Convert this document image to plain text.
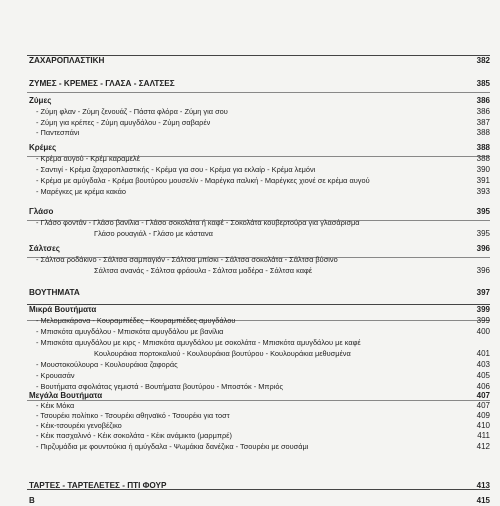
ΖΑΧΑΡΟΠΛΑΣΤΙΚΗ	382
ΖΥΜΕΣ - ΚΡΕΜΕΣ - ΓΛΑΣΑ - ΣΑΛΤΣΕΣ	385
Ζύμες	386
- Ζύμη φλαν - Ζύμη ζενουάζ - Πάστα φλόρα - Ζύμη για σου	386
- Ζύμη για κρέπες - Ζύμη αμυγδάλου - Ζύμη σαβαρέν	387
- Παντεσπάνι	388
Κρέμες	388
- Κρέμα αυγού - Κρέμ καραμελέ	388
- Σαντιγί - Κρέμα ζαχαροπλαστικής - Κρέμα για σου - Κρέμα για εκλαίρ - Κρέμα λεμόνι	390
- Κρέμα με αμύγδαλα - Κρέμα βουτύρου μουσελίν - Μαρέγκα ιταλική - Μαρέγκες χιονέ σε κρέμα αυγού	391
- Μαρέγκες με κρέμα κακάο	393
Γλάσο	395
- Γλάσο φοντάν - Γλάσο βανίλια - Γλάσο σοκολάτα ή καφέ - Σοκολάτα κουβερτούρα για γλασάρισμα
Γλάσο ρουαγιάλ - Γλάσο με κάστανα	395
Σάλτσες	396
- Σάλτσα ροδάκινο - Σάλτσα σαμπαγιόν - Σάλτσα μπίσκι - Σάλτσα σοκολάτα - Σάλτσα βύσινο
Σάλτσα ανανάς - Σάλτσα φράουλα - Σάλτσα μαδέρα - Σάλτσα καφέ	396
ΒΟΥΤΗΜΑΤΑ	397
Μικρά Βουτήματα	399
- Μελομακάρονα - Κουραμπιέδες - Κουραμπιέδες αμυγδάλου	399
- Μπισκότα αμυγδάλου - Μπισκότα αμυγδάλου με βανίλια	400
- Μπισκότα αμυγδάλου με κιρς - Μπισκότα αμυγδάλου με σοκολάτα - Μπισκότα αμυγδάλου με καφέ
Κουλουράκια πορτοκαλιού - Κουλουράκια βουτύρου - Κουλουράκια μεθυσμένα	401
- Μουστοκούλουρα - Κουλουράκια ζαφοράς	403
- Κρουασάν	405
- Βουτήματα σφολιάτας γεμιστά - Βουτήματα βουτύρου - Μποστόκ - Μπριός	406
Μεγάλα Βουτήματα	407
- Κέικ Μόκα	407
- Τσουρέκι πολίτικο - Τσουρέκι αθηναϊκό - Τσουρέκι για τοστ	409
- Κέικ-τσουρέκι γενοβέζικο	410
- Κέικ πασχαλινό - Κέικ σοκολάτα - Κέικ ανάμικτο (μαρμπρέ)	411
- Πιρζυμάδια με φουντούκια ή αμύγδαλα - Ψωμάκια δανέζικα - Τσουρέκι με σουσάμι	412
ΤΑΡΤΕΣ - ΤΑΡΤΕΛΕΤΕΣ - ΠΤΙ ΦΟΥΡ	413
Β	415
